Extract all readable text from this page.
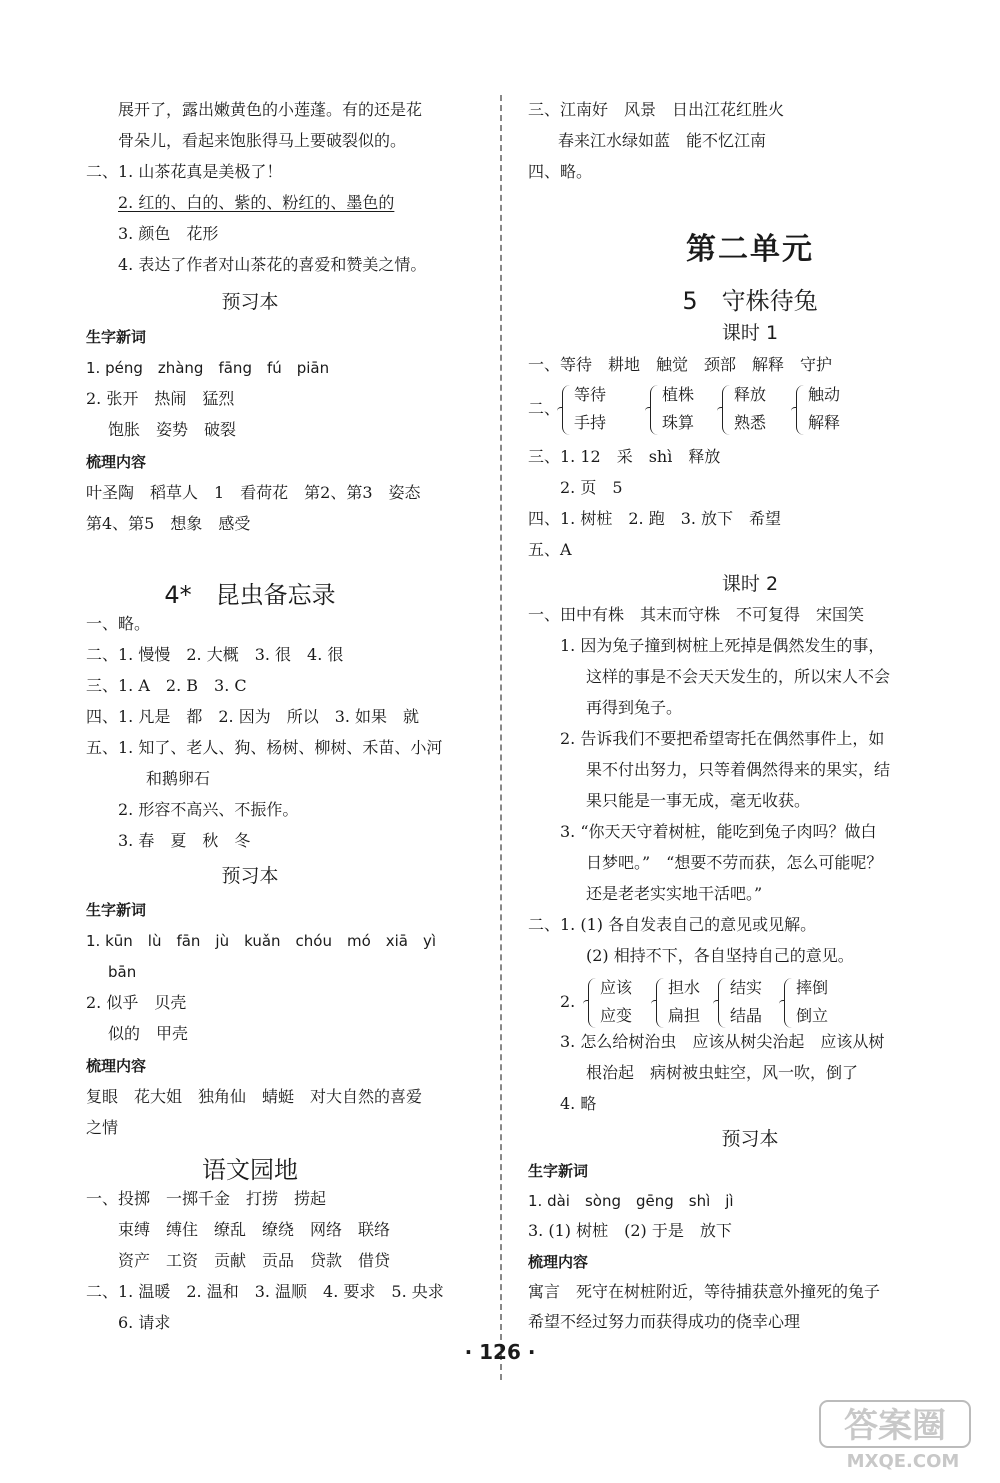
展开了，露出嫩黄色的小莲蓬。有的还是花
骨朵儿，看起来饱胀得马上要破裂似的。
二、1. 山茶花真是美极了！
2. 红的、白的、紫的、粉红的、墨色的
3. 颜色　花形
4. 表达了作者对山茶花的喜爱和赞美之情。
预习本
生字新词
1. péng　zhàng　fāng　fú　piān
2. 张开　热闹　猛烈
饱胀　姿势　破裂
梳理内容
叶圣陶　稻草人　1　看荷花　第2、第3　姿态
第4、第5　想象　感受
4*　昆虫备忘录
一、略。
二、1. 慢慢　2. 大概　3. 很　4. 很
三、1. A　2. B　3. C
四、1. 凡是　都　2. 因为　所以　3. 如果　就
五、1. 知了、老人、狗、杨树、柳树、禾苗、小河
和鹅卵石
2. 形容不高兴、不振作。
3. 春　夏　秋　冬
预习本
生字新词
1. kūn　lù　fān　jù　kuǎn　chóu　mó　xiā　yì
bān
2. 似乎　贝壳
似的　甲壳
梳理内容
复眼　花大姐　独角仙　蜻蜓　对大自然的喜爱
之情
语文园地
一、投掷　一掷千金　打捞　捞起
束缚　缚住　缭乱　缭绕　网络　联络
资产　工资　贡献　贡品　贷款　借贷
二、1. 温暖　2. 温和　3. 温顺　4. 要求　5. 央求
6. 请求
三、江南好　风景　日出江花红胜火
春来江水绿如蓝　能不忆江南
四、略。
第二单元
5　守株待兔
课时 1
一、等待　耕地　触觉　颈部　解释　守护
二、
等待
手持
植株
珠算
释放
熟悉
触动
解释
三、1. 12　采　shì　释放
2. 页　5
四、1. 树桩　2. 跑　3. 放下　希望
五、A
课时 2
一、田中有株　其末而守株　不可复得　宋国笑
1. 因为兔子撞到树桩上死掉是偶然发生的事，
这样的事是不会天天发生的，所以宋人不会
再得到兔子。
2. 告诉我们不要把希望寄托在偶然事件上，如
果不付出努力，只等着偶然得来的果实，结
果只能是一事无成，毫无收获。
3. “你天天守着树桩，能吃到兔子肉吗？做白
日梦吧。”　“想要不劳而获，怎么可能呢？
还是老老实实地干活吧。”
二、1. (1) 各自发表自己的意见或见解。
(2) 相持不下，各自坚持自己的意见。
2.
应该
应变
担水
扁担
结实
结晶
摔倒
倒立
3. 怎么给树治虫　应该从树尖治起　应该从树
根治起　病树被虫蛀空，风一吹，倒了
4. 略
预习本
生字新词
1. dài　sòng　gēng　shì　jì
3. (1) 树桩　(2) 于是　放下
梳理内容
寓言　死守在树桩附近，等待捕获意外撞死的兔子
希望不经过努力而获得成功的侥幸心理
· 126 ·
答案圈
MXQE.COM
